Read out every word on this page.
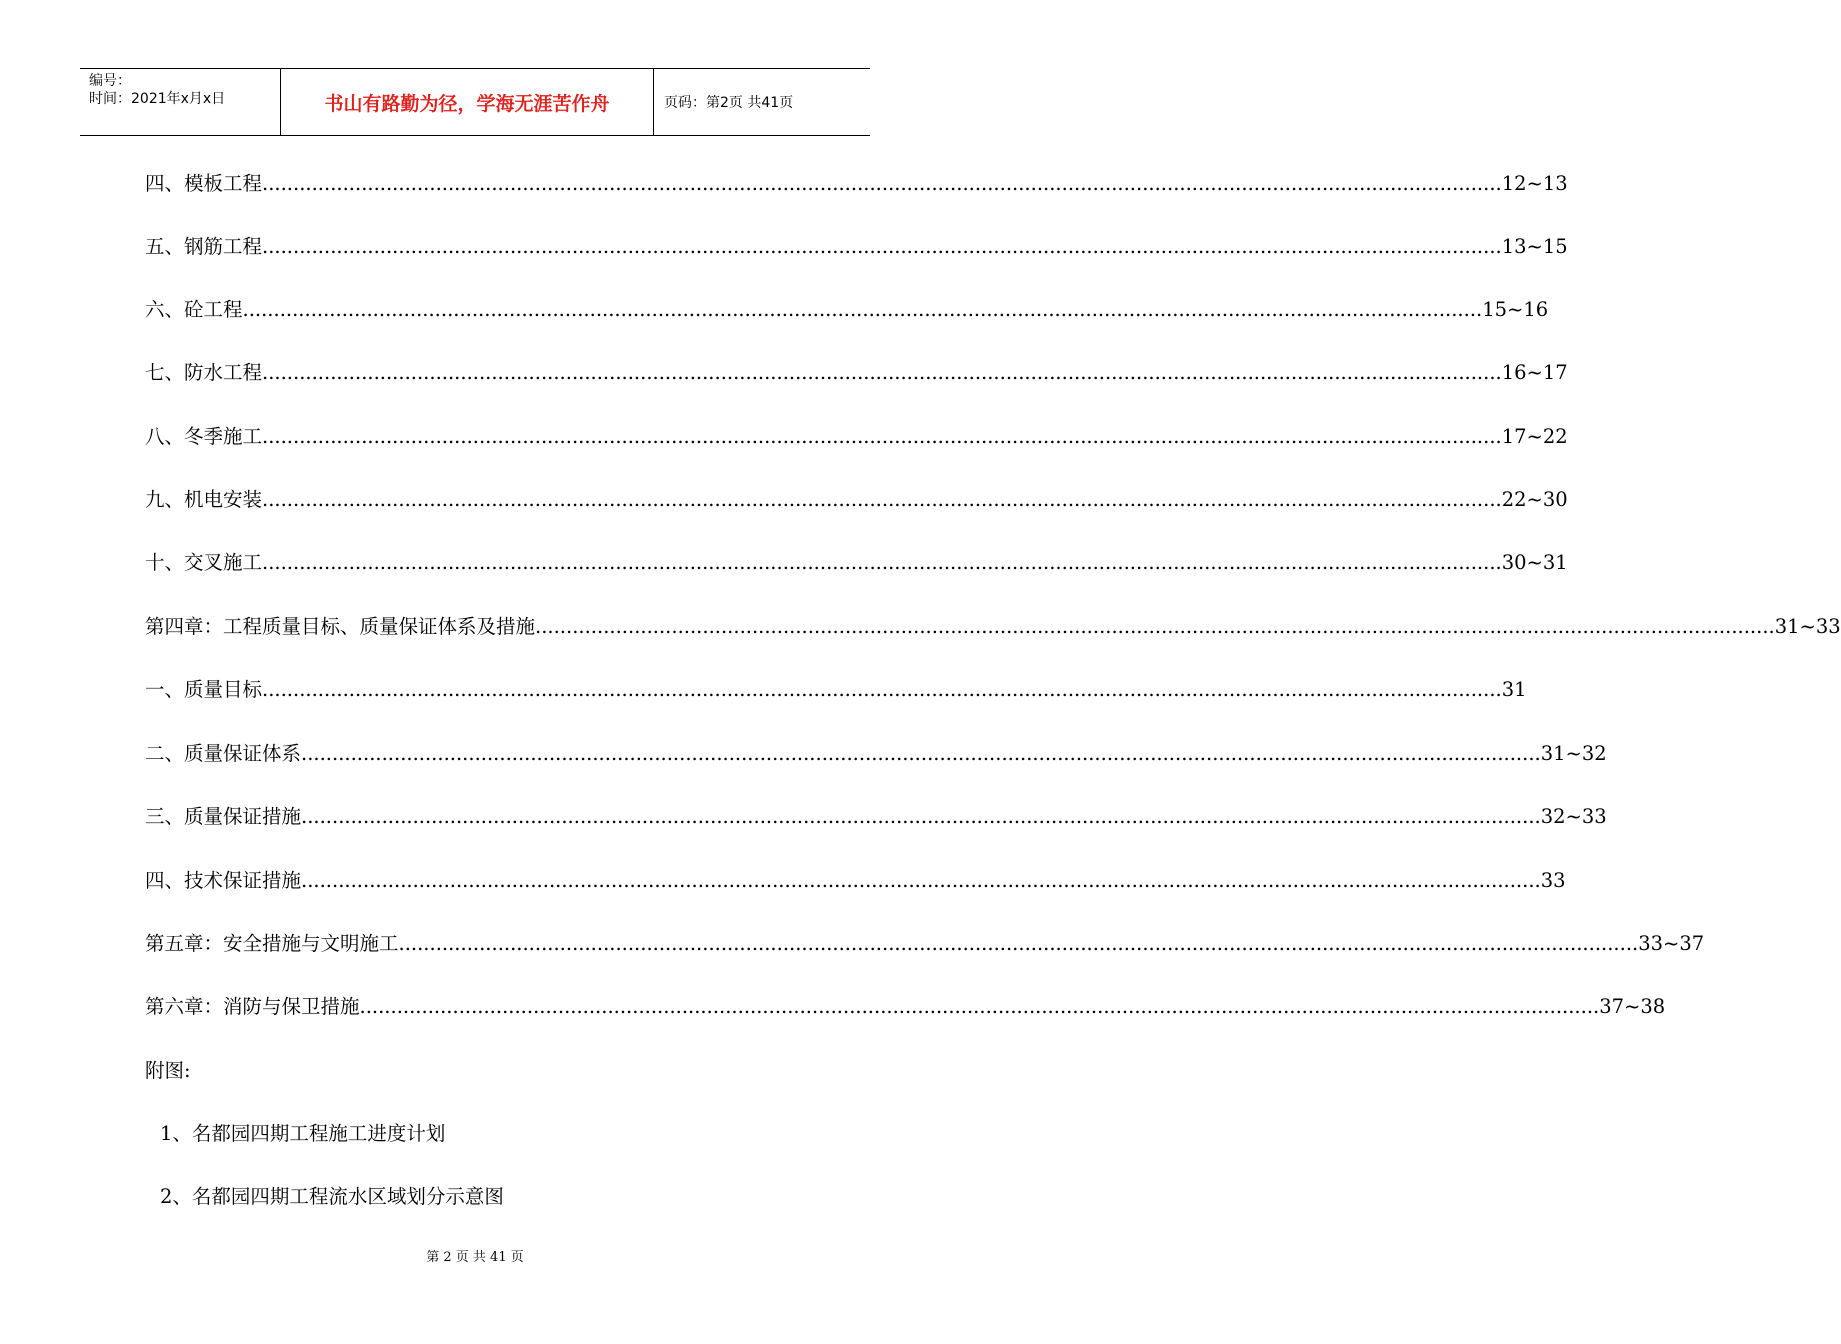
编号：
时间：2021年x月x日	书山有路勤为径，学海无涯苦作舟	页码：第2页 共41页
四、模板工程 ........................................................................................................................................................................................................ 12~13
五、钢筋工程 ........................................................................................................................................................................................................ 13~15
六、砼工程 ........................................................................................................................................................................................................ 15~16
七、防水工程 ........................................................................................................................................................................................................ 16~17
八、冬季施工 ........................................................................................................................................................................................................ 17~22
九、机电安装 ........................................................................................................................................................................................................ 22~30
十、交叉施工 ........................................................................................................................................................................................................ 30~31
第四章：工程质量目标、质量保证体系及措施 ........................................................................................................................................................................................................ 31~33
一、质量目标 ........................................................................................................................................................................................................ 31
二、质量保证体系 ........................................................................................................................................................................................................ 31~32
三、质量保证措施 ........................................................................................................................................................................................................ 32~33
四、技术保证措施 ........................................................................................................................................................................................................ 33
第五章：安全措施与文明施工 ........................................................................................................................................................................................................ 33~37
第六章：消防与保卫措施 ........................................................................................................................................................................................................ 37~38
附图:
1、名都园四期工程施工进度计划
2、名都园四期工程流水区域划分示意图
第 2 页 共 41 页
